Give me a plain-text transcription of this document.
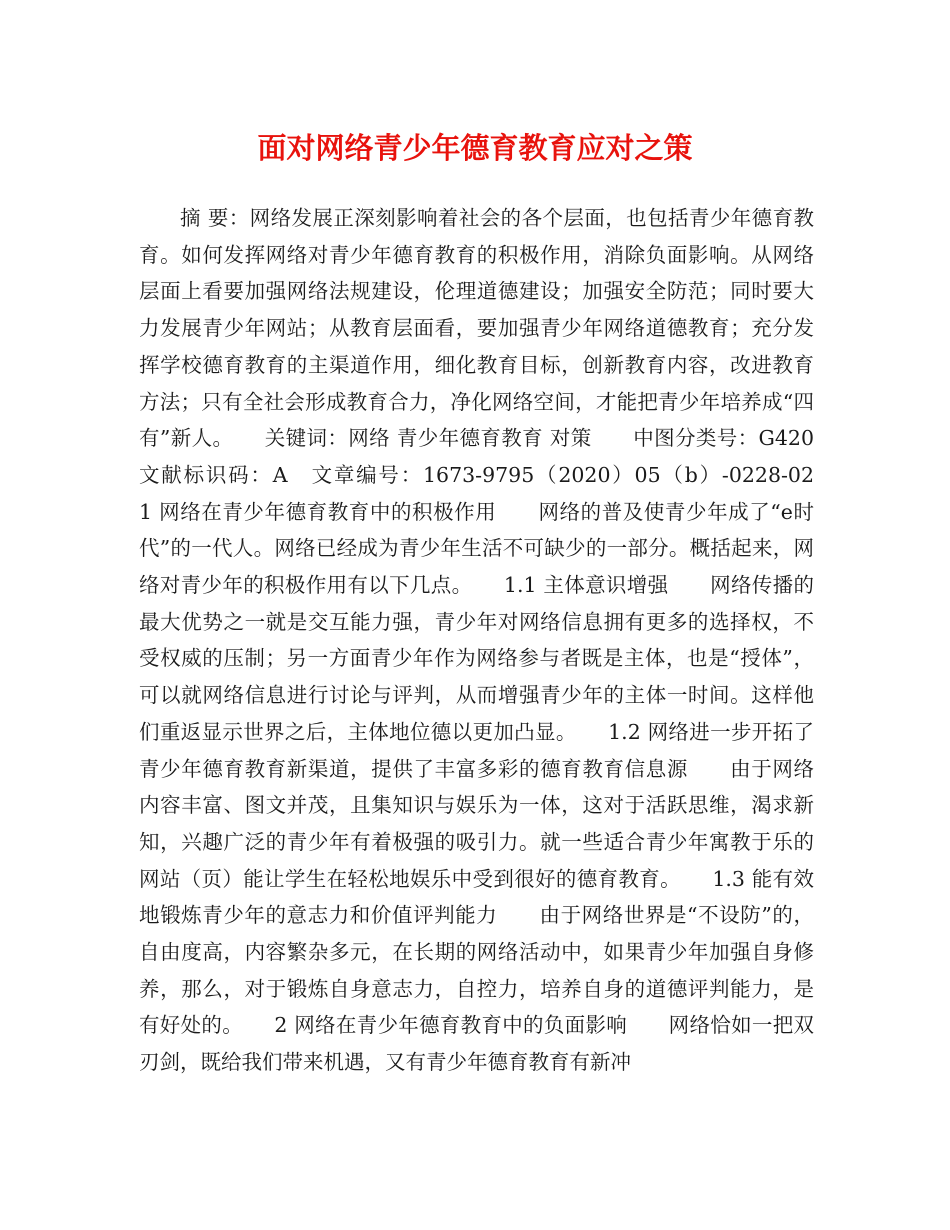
面对网络青少年德育教育应对之策

摘 要：网络发展正深刻影响着社会的各个层面，也包括青少年德育教育。如何发挥网络对青少年德育教育的积极作用，消除负面影响。从网络层面上看要加强网络法规建设，伦理道德建设；加强安全防范；同时要大力发展青少年网站；从教育层面看，要加强青少年网络道德教育；充分发挥学校德育教育的主渠道作用，细化教育目标，创新教育内容，改进教育方法；只有全社会形成教育合力，净化网络空间，才能把青少年培养成“四有”新人。　　关键词：网络 青少年德育教育 对策　　中图分类号：G420　文献标识码：A　文章编号：1673-9795（2020）05（b）-0228-02　　1 网络在青少年德育教育中的积极作用　　网络的普及使青少年成了“e时代”的一代人。网络已经成为青少年生活不可缺少的一部分。概括起来，网络对青少年的积极作用有以下几点。　　1.1 主体意识增强　　网络传播的最大优势之一就是交互能力强，青少年对网络信息拥有更多的选择权，不受权威的压制；另一方面青少年作为网络参与者既是主体，也是“授体”，可以就网络信息进行讨论与评判，从而增强青少年的主体一时间。这样他们重返显示世界之后，主体地位德以更加凸显。　　1.2 网络进一步开拓了青少年德育教育新渠道，提供了丰富多彩的德育教育信息源　　由于网络内容丰富、图文并茂，且集知识与娱乐为一体，这对于活跃思维，渴求新知，兴趣广泛的青少年有着极强的吸引力。就一些适合青少年寓教于乐的网站（页）能让学生在轻松地娱乐中受到很好的德育教育。　　1.3 能有效地锻炼青少年的意志力和价值评判能力　　由于网络世界是“不设防”的，自由度高，内容繁杂多元，在长期的网络活动中，如果青少年加强自身修养，那么，对于锻炼自身意志力，自控力，培养自身的道德评判能力，是有好处的。　　2 网络在青少年德育教育中的负面影响　　网络恰如一把双刃剑，既给我们带来机遇，又有青少年德育教育有新冲
